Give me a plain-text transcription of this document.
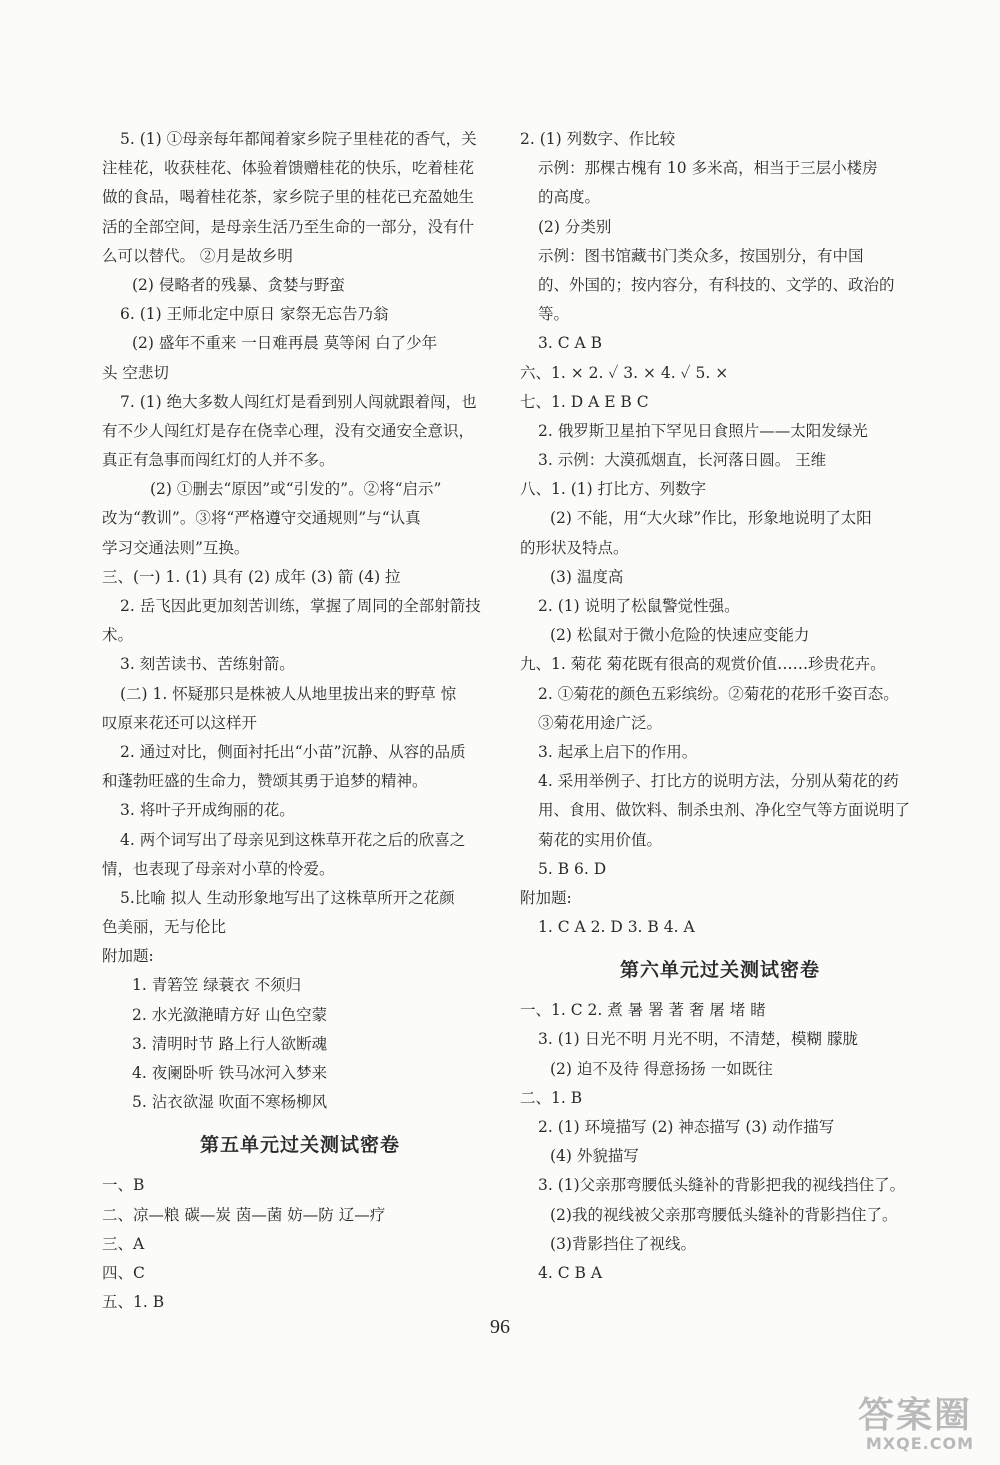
5. (1) ①母亲每年都闻着家乡院子里桂花的香气，关
注桂花，收获桂花、体验着馈赠桂花的快乐，吃着桂花
做的食品，喝着桂花茶，家乡院子里的桂花已充盈她生
活的全部空间，是母亲生活乃至生命的一部分，没有什
么可以替代。 ②月是故乡明
(2) 侵略者的残暴、贪婪与野蛮
6. (1) 王师北定中原日 家祭无忘告乃翁
(2) 盛年不重来 一日难再晨 莫等闲 白了少年
头 空悲切
7. (1) 绝大多数人闯红灯是看到别人闯就跟着闯，也
有不少人闯红灯是存在侥幸心理，没有交通安全意识，
真正有急事而闯红灯的人并不多。
(2) ①删去“原因”或“引发的”。②将“启示”
改为“教训”。③将“严格遵守交通规则”与“认真
学习交通法则”互换。
三、(一) 1. (1) 具有 (2) 成年 (3) 箭 (4) 拉
2. 岳飞因此更加刻苦训练，掌握了周同的全部射箭技
术。
3. 刻苦读书、苦练射箭。
(二) 1. 怀疑那只是株被人从地里拔出来的野草 惊
叹原来花还可以这样开
2. 通过对比，侧面衬托出“小苗”沉静、从容的品质
和蓬勃旺盛的生命力，赞颂其勇于追梦的精神。
3. 将叶子开成绚丽的花。
4. 两个词写出了母亲见到这株草开花之后的欣喜之
情，也表现了母亲对小草的怜爱。
5.比喻 拟人 生动形象地写出了这株草所开之花颜
色美丽，无与伦比
附加题:
1. 青箬笠 绿蓑衣 不须归
2. 水光潋滟晴方好 山色空蒙
3. 清明时节 路上行人欲断魂
4. 夜阑卧听 铁马冰河入梦来
5. 沾衣欲湿 吹面不寒杨柳风
第五单元过关测试密卷
一、B
二、凉—粮 碳—炭 茵—菌 妨—防 辽—疗
三、A
四、C
五、1. B
2. (1) 列数字、作比较
示例：那棵古槐有 10 多米高，相当于三层小楼房
的高度。
(2) 分类别
示例：图书馆藏书门类众多，按国别分，有中国
的、外国的；按内容分，有科技的、文学的、政治的
等。
3. C A B
六、1. × 2. ✓ 3. × 4. ✓ 5. ×
七、1. D A E B C
2. 俄罗斯卫星拍下罕见日食照片——太阳发绿光
3. 示例：大漠孤烟直，长河落日圆。 王维
八、1. (1) 打比方、列数字
(2) 不能，用“大火球”作比，形象地说明了太阳
的形状及特点。
(3) 温度高
2. (1) 说明了松鼠警觉性强。
(2) 松鼠对于微小危险的快速应变能力
九、1. 菊花 菊花既有很高的观赏价值……珍贵花卉。
2. ①菊花的颜色五彩缤纷。②菊花的花形千姿百态。
③菊花用途广泛。
3. 起承上启下的作用。
4. 采用举例子、打比方的说明方法，分别从菊花的药
用、食用、做饮料、制杀虫剂、净化空气等方面说明了
菊花的实用价值。
5. B 6. D
附加题:
1. C A 2. D 3. B 4. A
第六单元过关测试密卷
一、1. C 2. 煮 暑 署 著 奢 屠 堵 睹
3. (1) 日光不明 月光不明，不清楚，模糊 朦胧
(2) 迫不及待 得意扬扬 一如既往
二、1. B
2. (1) 环境描写 (2) 神态描写 (3) 动作描写
(4) 外貌描写
3. (1)父亲那弯腰低头缝补的背影把我的视线挡住了。
(2)我的视线被父亲那弯腰低头缝补的背影挡住了。
(3)背影挡住了视线。
4. C B A
96
答案圈
MXQE.COM
